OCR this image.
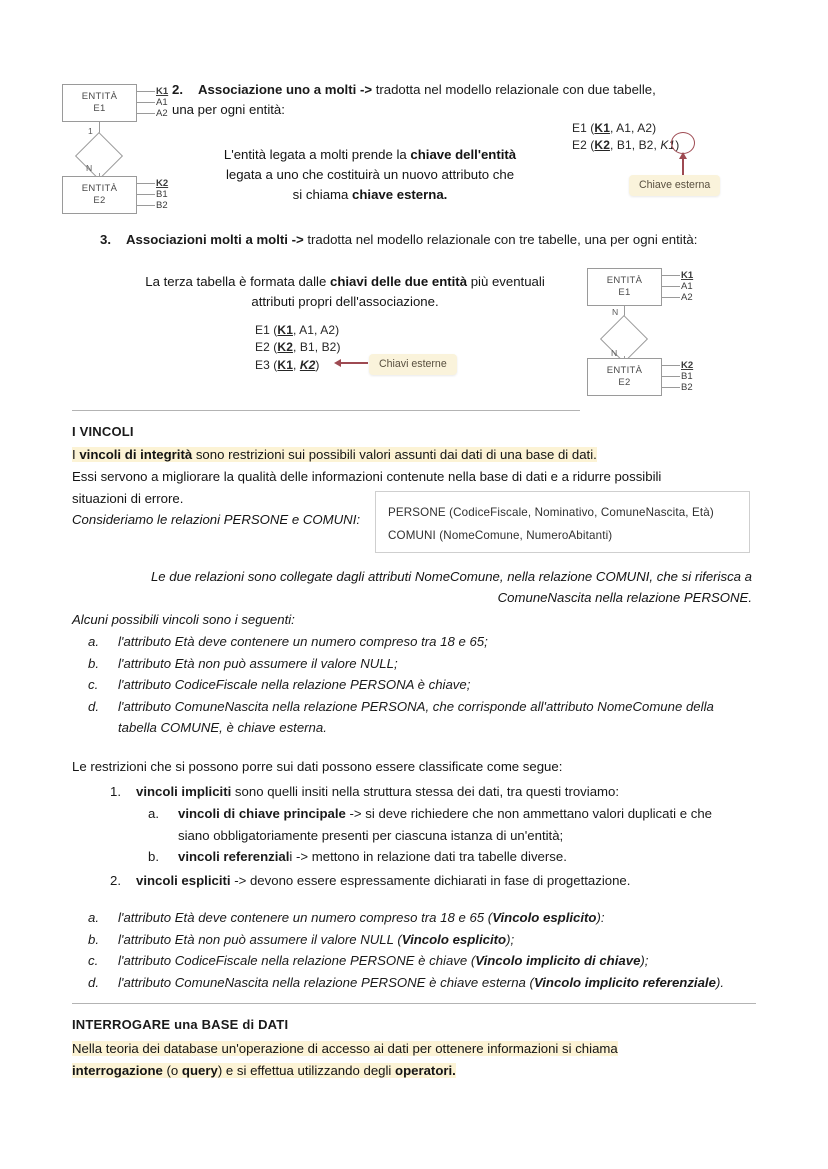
ENTITÀ
E1
K1
A1
A2
1
N
ENTITÀ
E2
K2
B1
B2
2. Associazione uno a molti -> tradotta nel modello relazionale con due tabelle,
una per ogni entità:
L'entità legata a molti prende la chiave dell'entità
legata a uno che costituirà un nuovo attributo che
si chiama chiave esterna.
E1 (K1, A1, A2)
E2 (K2, B1, B2, K1)
Chiave esterna
3. Associazioni molti a molti -> tradotta nel modello relazionale con tre tabelle, una per ogni entità:
La terza tabella è formata dalle chiavi delle due entità più eventuali
attributi propri dell'associazione.
E1 (K1, A1, A2)
E2 (K2, B1, B2)
E3 (K1, K2)	Chiavi esterne
ENTITÀ
E1
K1
A1
A2
N
N
ENTITÀ
E2
K2
B1
B2
I VINCOLI
I vincoli di integrità sono restrizioni sui possibili valori assunti dai dati di una base di dati.
Essi servono a migliorare la qualità delle informazioni contenute nella base di dati e a ridurre possibili
situazioni di errore.
Consideriamo le relazioni PERSONE e COMUNI:	PERSONE (CodiceFiscale, Nominativo, ComuneNascita, Età)
COMUNI (NomeComune, NumeroAbitanti)
Le due relazioni sono collegate dagli attributi NomeComune, nella relazione COMUNI, che si riferisca a
ComuneNascita nella relazione PERSONE.
Alcuni possibili vincoli sono i seguenti:
a.	l'attributo Età deve contenere un numero compreso tra 18 e 65;
b.	l'attributo Età non può assumere il valore NULL;
c.	l'attributo CodiceFiscale nella relazione PERSONA è chiave;
d.	l'attributo ComuneNascita nella relazione PERSONA, che corrisponde all'attributo NomeComune della
tabella COMUNE, è chiave esterna.
Le restrizioni che si possono porre sui dati possono essere classificate come segue:
1.	vincoli impliciti sono quelli insiti nella struttura stessa dei dati, tra questi troviamo:
a.	vincoli di chiave principale -> si deve richiedere che non ammettano valori duplicati e che
siano obbligatoriamente presenti per ciascuna istanza di un'entità;
b.	vincoli referenziali -> mettono in relazione dati tra tabelle diverse.
2.	vincoli espliciti -> devono essere espressamente dichiarati in fase di progettazione.
a.	l'attributo Età deve contenere un numero compreso tra 18 e 65 (Vincolo esplicito):
b.	l'attributo Età non può assumere il valore NULL (Vincolo esplicito);
c.	l'attributo CodiceFiscale nella relazione PERSONE è chiave (Vincolo implicito di chiave);
d.	l'attributo ComuneNascita nella relazione PERSONE è chiave esterna (Vincolo implicito referenziale).
INTERROGARE una BASE di DATI
Nella teoria dei database un'operazione di accesso ai dati per ottenere informazioni si chiama
interrogazione (o query) e si effettua utilizzando degli operatori.
